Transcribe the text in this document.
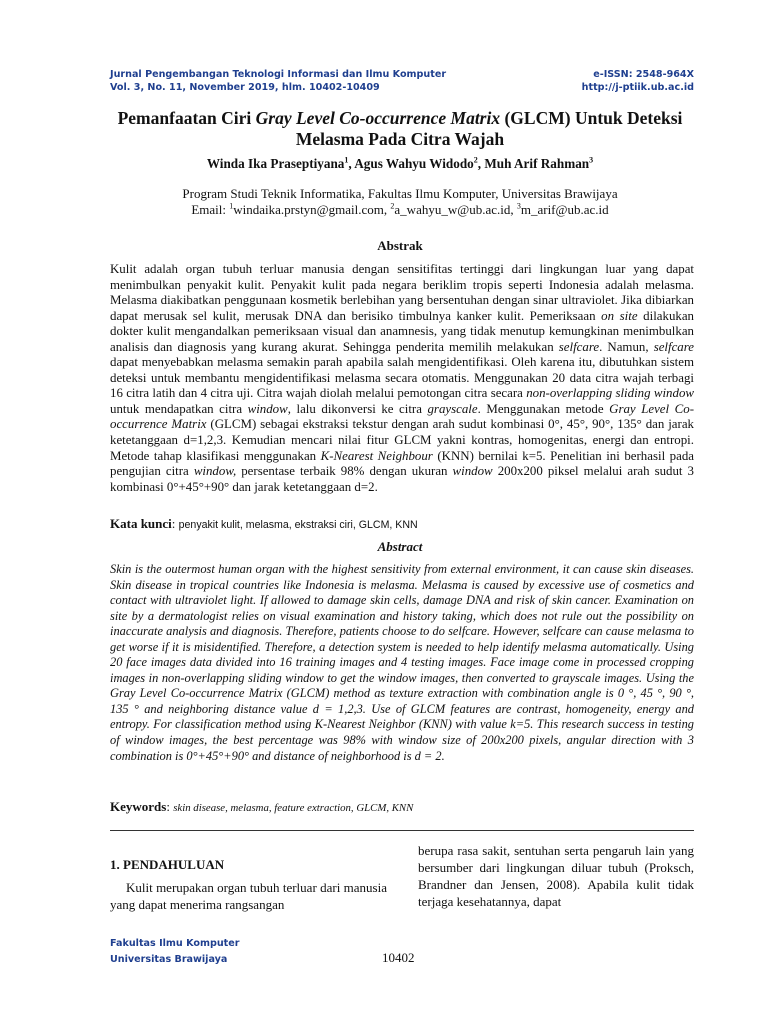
Jurnal Pengembangan Teknologi Informasi dan Ilmu Komputer	e-ISSN: 2548-964X
Vol. 3, No. 11, November 2019, hlm. 10402-10409	http://j-ptiik.ub.ac.id
Pemanfaatan Ciri Gray Level Co-occurrence Matrix (GLCM) Untuk Deteksi
Melasma Pada Citra Wajah
Winda Ika Praseptiyana$^1$, Agus Wahyu Widodo$^2$, Muh Arif Rahman$^3$
Program Studi Teknik Informatika, Fakultas Ilmu Komputer, Universitas Brawijaya
Email: $^1$windaika.prstyn@gmail.com, $^2$a_wahyu_w@ub.ac.id, $^3$m_arif@ub.ac.id
Abstrak
Kulit adalah organ tubuh terluar manusia dengan sensitifitas tertinggi dari lingkungan luar yang dapat menimbulkan penyakit kulit. Penyakit kulit pada negara beriklim tropis seperti Indonesia adalah melasma. Melasma diakibatkan penggunaan kosmetik berlebihan yang bersentuhan dengan sinar ultraviolet. Jika dibiarkan dapat merusak sel kulit, merusak DNA dan berisiko timbulnya kanker kulit. Pemeriksaan on site dilakukan dokter kulit mengandalkan pemeriksaan visual dan anamnesis, yang tidak menutup kemungkinan menimbulkan analisis dan diagnosis yang kurang akurat. Sehingga penderita memilih melakukan selfcare. Namun, selfcare dapat menyebabkan melasma semakin parah apabila salah mengidentifikasi. Oleh karena itu, dibutuhkan sistem deteksi untuk membantu mengidentifikasi melasma secara otomatis. Menggunakan 20 data citra wajah terbagi 16 citra latih dan 4 citra uji. Citra wajah diolah melalui pemotongan citra secara non-overlapping sliding window untuk mendapatkan citra window, lalu dikonversi ke citra grayscale. Menggunakan metode Gray Level Co-occurrence Matrix (GLCM) sebagai ekstraksi tekstur dengan arah sudut kombinasi 0°, 45°, 90°, 135° dan jarak ketetanggaan d=1,2,3. Kemudian mencari nilai fitur GLCM yakni kontras, homogenitas, energi dan entropi. Metode tahap klasifikasi menggunakan K-Nearest Neighbour (KNN) bernilai k=5. Penelitian ini berhasil pada pengujian citra window, persentase terbaik 98% dengan ukuran window 200x200 piksel melalui arah sudut 3 kombinasi 0°+45°+90° dan jarak ketetanggaan d=2.
Kata kunci: penyakit kulit, melasma, ekstraksi ciri, GLCM, KNN
Abstract
Skin is the outermost human organ with the highest sensitivity from external environment, it can cause skin diseases. Skin disease in tropical countries like Indonesia is melasma. Melasma is caused by excessive use of cosmetics and contact with ultraviolet light. If allowed to damage skin cells, damage DNA and risk of skin cancer. Examination on site by a dermatologist relies on visual examination and history taking, which does not rule out the possibility on inaccurate analysis and diagnosis. Therefore, patients choose to do selfcare. However, selfcare can cause melasma to get worse if it is misidentified. Therefore, a detection system is needed to help identify melasma automatically. Using 20 face images data divided into 16 training images and 4 testing images. Face image come in processed cropping images in non-overlapping sliding window to get the window images, then converted to grayscale images. Using the Gray Level Co-occurrence Matrix (GLCM) method as texture extraction with combination angle is 0 °, 45 °, 90 °, 135 ° and neighboring distance value d = 1,2,3. Use of GLCM features are contrast, homogeneity, energy and entropy. For classification method using K-Nearest Neighbor (KNN) with value k=5. This research success in testing of window images, the best percentage was 98% with window size of 200x200 pixels, angular direction with 3 combination is 0°+45°+90° and distance of neighborhood is d = 2.
Keywords: skin disease, melasma, feature extraction, GLCM, KNN
1. PENDAHULUAN

Kulit merupakan organ tubuh terluar dari manusia yang dapat menerima rangsangan

berupa rasa sakit, sentuhan serta pengaruh lain yang bersumber dari lingkungan diluar tubuh (Proksch, Brandner dan Jensen, 2008). Apabila kulit tidak terjaga kesehatannya, dapat

Fakultas Ilmu Komputer
Universitas Brawijaya	10402
